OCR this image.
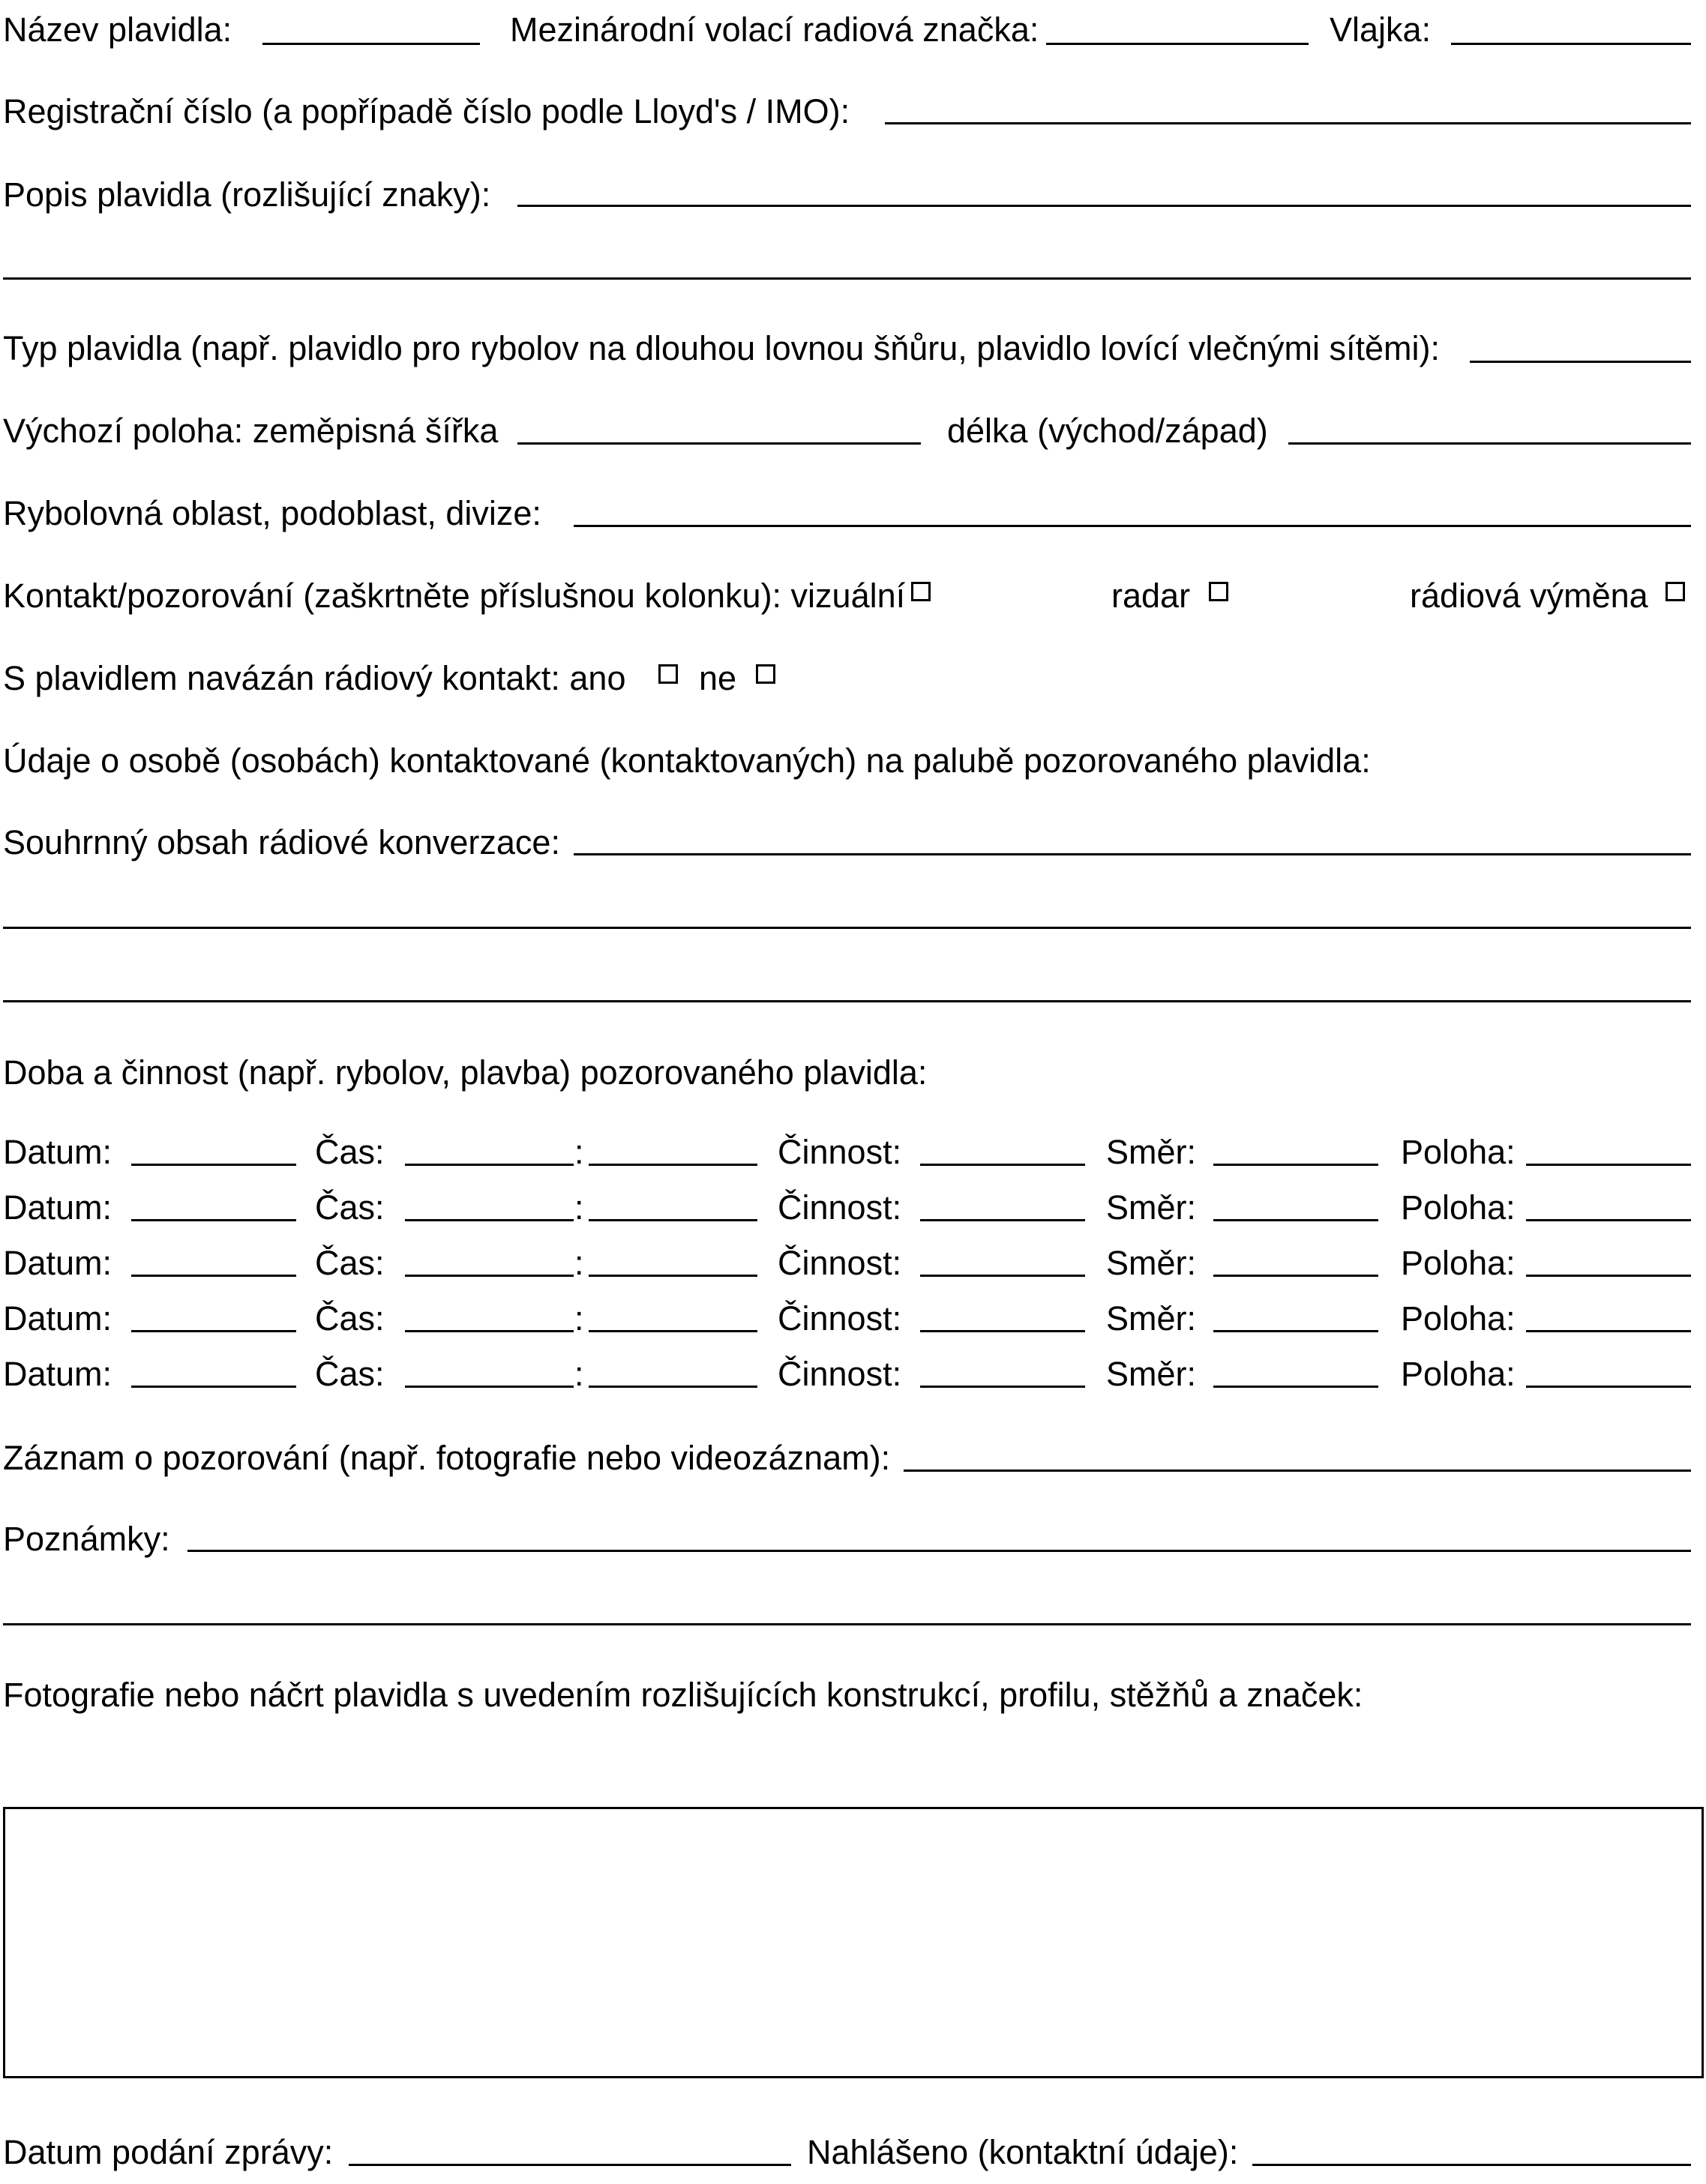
Název plavidla:	Mezinárodní volací radiová značka:	Vlajka:
Registrační číslo (a popřípadě číslo podle Lloyd's / IMO):
Popis plavidla (rozlišující znaky):
Typ plavidla (např. plavidlo pro rybolov na dlouhou lovnou šňůru, plavidlo lovící vlečnými sítěmi):
Výchozí poloha: zeměpisná šířka	délka (východ/západ)
Rybolovná oblast, podoblast, divize:
Kontakt/pozorování (zaškrtněte příslušnou kolonku): vizuální	radar	rádiová výměna
S plavidlem navázán rádiový kontakt: ano ne
Údaje o osobě (osobách) kontaktované (kontaktovaných) na palubě pozorovaného plavidla:
Souhrnný obsah rádiové konverzace:
Doba a činnost (např. rybolov, plavba) pozorovaného plavidla:
Datum:	Čas:	:	Činnost:	Směr:	Poloha:
Datum:	Čas:	:	Činnost:	Směr:	Poloha:
Datum:	Čas:	:	Činnost:	Směr:	Poloha:
Datum:	Čas:	:	Činnost:	Směr:	Poloha:
Datum:	Čas:	:	Činnost:	Směr:	Poloha:
Záznam o pozorování (např. fotografie nebo videozáznam):
Poznámky:
Fotografie nebo náčrt plavidla s uvedením rozlišujících konstrukcí, profilu, stěžňů a značek:
Datum podání zprávy:	Nahlášeno (kontaktní údaje):
